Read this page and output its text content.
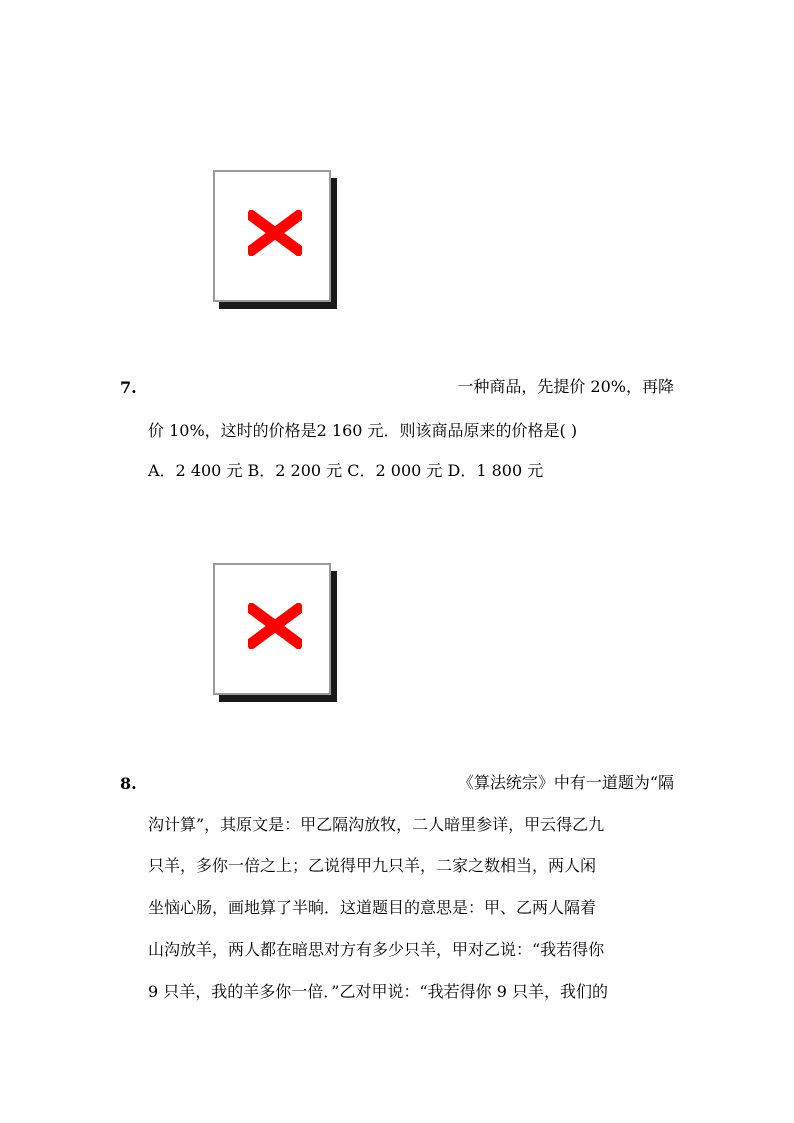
7.	一种商品，先提价 20%，再降
价 10%，这时的价格是2 160 元．则该商品原来的价格是( )
A．2 400 元 B．2 200 元 C．2 000 元 D．1 800 元
8.	《算法统宗》中有一道题为“隔
沟计算”，其原文是：甲乙隔沟放牧，二人暗里参详，甲云得乙九
只羊，多你一倍之上；乙说得甲九只羊，二家之数相当，两人闲
坐恼心肠，画地算了半晌．这道题目的意思是：甲、乙两人隔着
山沟放羊，两人都在暗思对方有多少只羊，甲对乙说：“我若得你
9 只羊，我的羊多你一倍．”乙对甲说：“我若得你 9 只羊，我们的
